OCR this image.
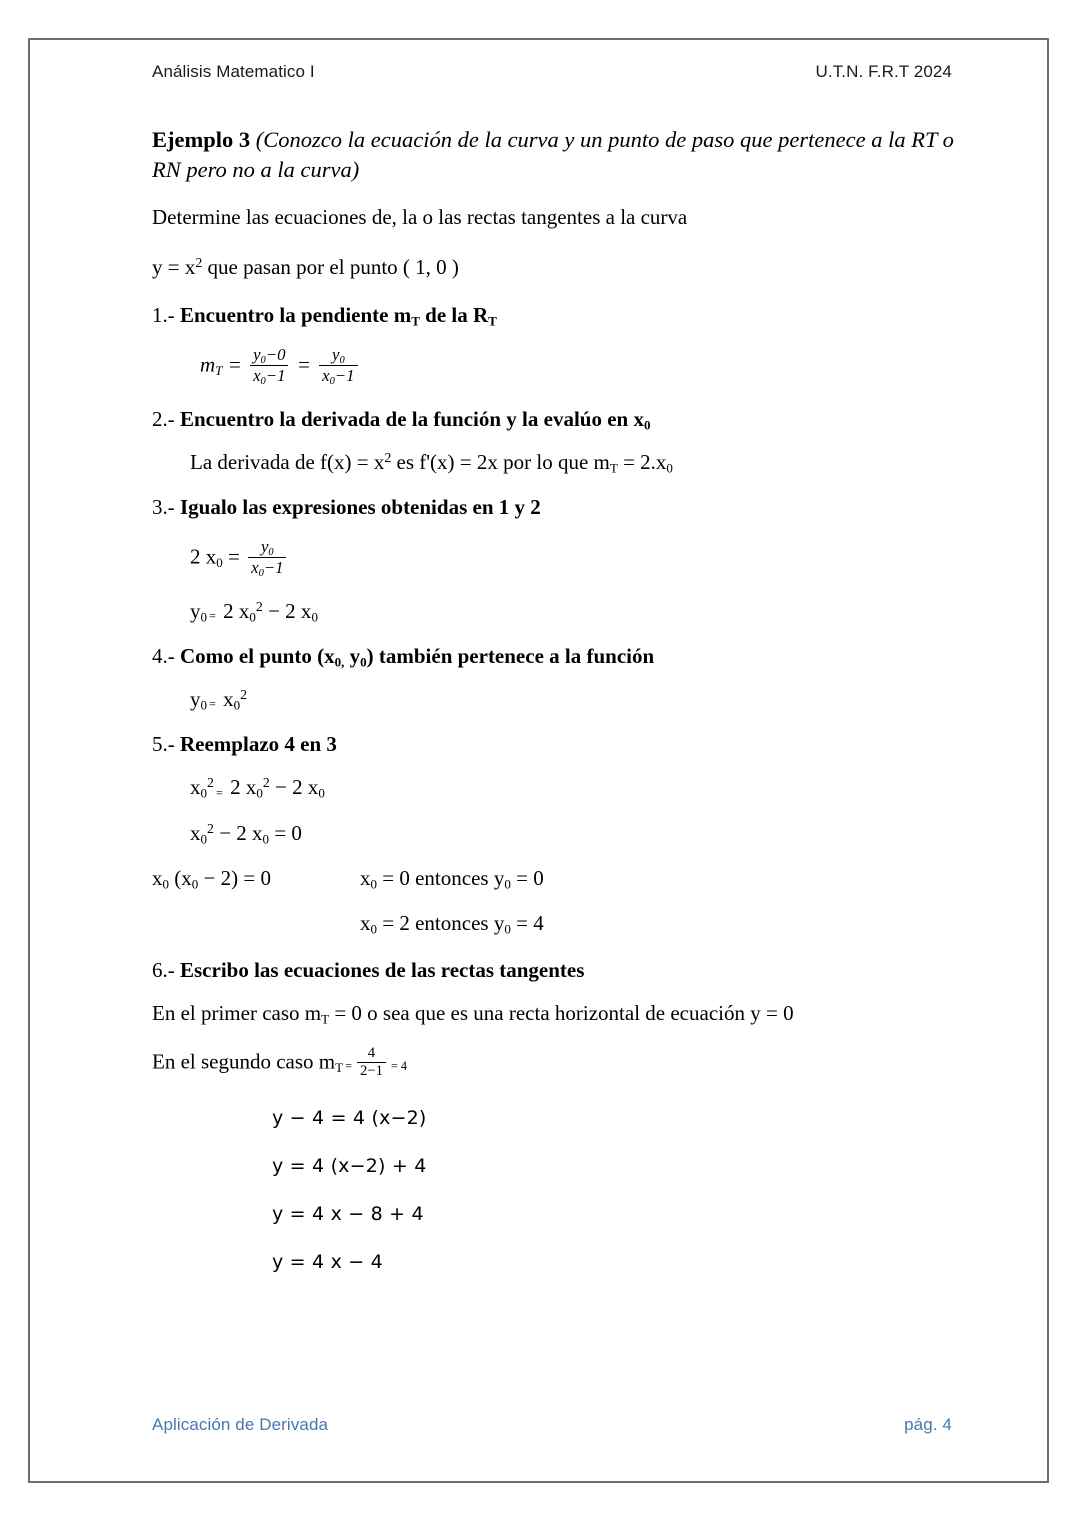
Análisis Matematico I	U.T.N. F.R.T 2024

Ejemplo 3 (Conozco la ecuación de la curva y un punto de paso que pertenece a la RT o RN pero no a la curva)

Determine las ecuaciones de, la o las rectas tangentes a la curva

$y = x^2$ que pasan por el punto ( 1, 0 )

1.- Encuentro la pendiente $m_T$ de la $R_T$

$m_T = \frac{y_0-0}{x_0-1} = \frac{y_0}{x_0-1}$

2.- Encuentro la derivada de la función y la evalúo en $x_0$

La derivada de $f(x) = x^2$ es f'(x) = 2x por lo que $m_T = 2.x_0$

3.- Igualo las expresiones obtenidas en 1 y 2

2 $x_0 = \frac{y_0}{x_0-1}$

$y_0 = 2$ $x_0^2 - 2$ $x_0$

4.- Como el punto ($x_{0,}$ $y_0$) también pertenece a la función

$y_0 = x_0^2$

5.- Reemplazo 4 en 3

$x_0^2= 2$ $x_0^2 - 2$ $x_0$

$x_0^2 - 2$ $x_0 = 0$

$x_0$ $(x_0 - 2) = 0$	$x_0 = 0$ entonces $y_0 = 0$
$x_0 = 2$ entonces $y_0 = 4$

6.- Escribo las ecuaciones de las rectas tangentes

En el primer caso $m_T = 0$ o sea que es una recta horizontal de ecuación y = 0

En el segundo caso $m_T = \frac{4}{2-1} = 4$

y − 4 = 4 (x−2)

y = 4 (x−2) + 4

y = 4 x − 8 + 4

y = 4 x − 4

Aplicación de Derivada	pág. 4
